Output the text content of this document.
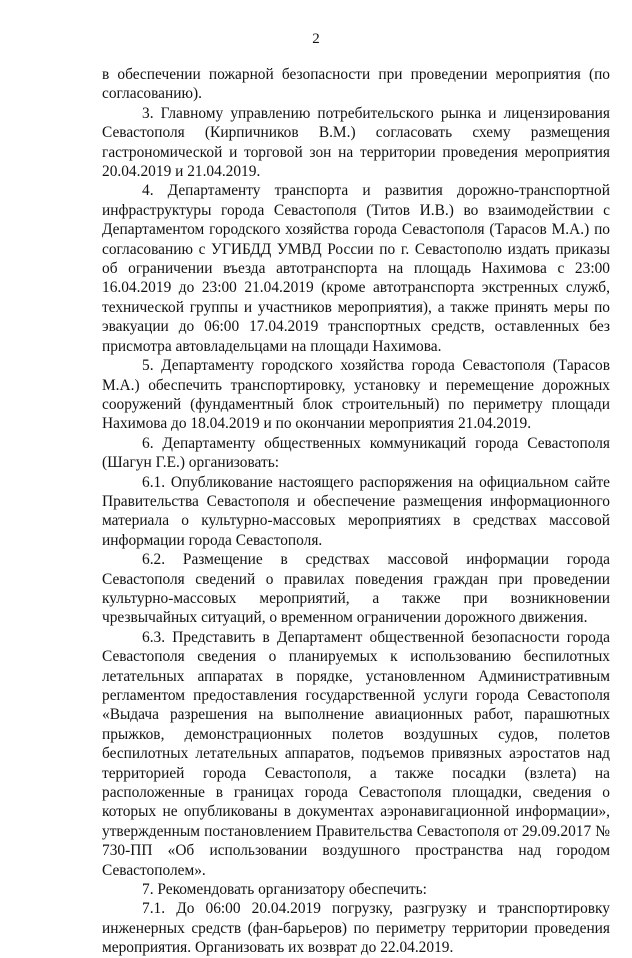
2

в обеспечении пожарной безопасности при проведении мероприятия (по согласованию).

3. Главному управлению потребительского рынка и лицензирования Севастополя (Кирпичников В.М.) согласовать схему размещения гастрономической и торговой зон на территории проведения мероприятия 20.04.2019 и 21.04.2019.

4. Департаменту транспорта и развития дорожно-транспортной инфраструктуры города Севастополя (Титов И.В.) во взаимодействии с Департаментом городского хозяйства города Севастополя (Тарасов М.А.) по согласованию с УГИБДД УМВД России по г. Севастополю издать приказы об ограничении въезда автотранспорта на площадь Нахимова с 23:00 16.04.2019 до 23:00 21.04.2019 (кроме автотранспорта экстренных служб, технической группы и участников мероприятия), а также принять меры по эвакуации до 06:00 17.04.2019 транспортных средств, оставленных без присмотра автовладельцами на площади Нахимова.

5. Департаменту городского хозяйства города Севастополя (Тарасов М.А.) обеспечить транспортировку, установку и перемещение дорожных сооружений (фундаментный блок строительный) по периметру площади Нахимова до 18.04.2019 и по окончании мероприятия 21.04.2019.

6. Департаменту общественных коммуникаций города Севастополя (Шагун Г.Е.) организовать:

6.1. Опубликование настоящего распоряжения на официальном сайте Правительства Севастополя и обеспечение размещения информационного материала о культурно-массовых мероприятиях в средствах массовой информации города Севастополя.

6.2. Размещение в средствах массовой информации города Севастополя сведений о правилах поведения граждан при проведении культурно-массовых мероприятий, а также при возникновении чрезвычайных ситуаций, о временном ограничении дорожного движения.

6.3. Представить в Департамент общественной безопасности города Севастополя сведения о планируемых к использованию беспилотных летательных аппаратах в порядке, установленном Административным регламентом предоставления государственной услуги города Севастополя «Выдача разрешения на выполнение авиационных работ, парашютных прыжков, демонстрационных полетов воздушных судов, полетов беспилотных летательных аппаратов, подъемов привязных аэростатов над территорией города Севастополя, а также посадки (взлета) на расположенные в границах города Севастополя площадки, сведения о которых не опубликованы в документах аэронавигационной информации», утвержденным постановлением Правительства Севастополя от 29.09.2017 № 730-ПП «Об использовании воздушного пространства над городом Севастополем».

7. Рекомендовать организатору обеспечить:

7.1. До 06:00 20.04.2019 погрузку, разгрузку и транспортировку инженерных средств (фан-барьеров) по периметру территории проведения мероприятия. Организовать их возврат до 22.04.2019.
